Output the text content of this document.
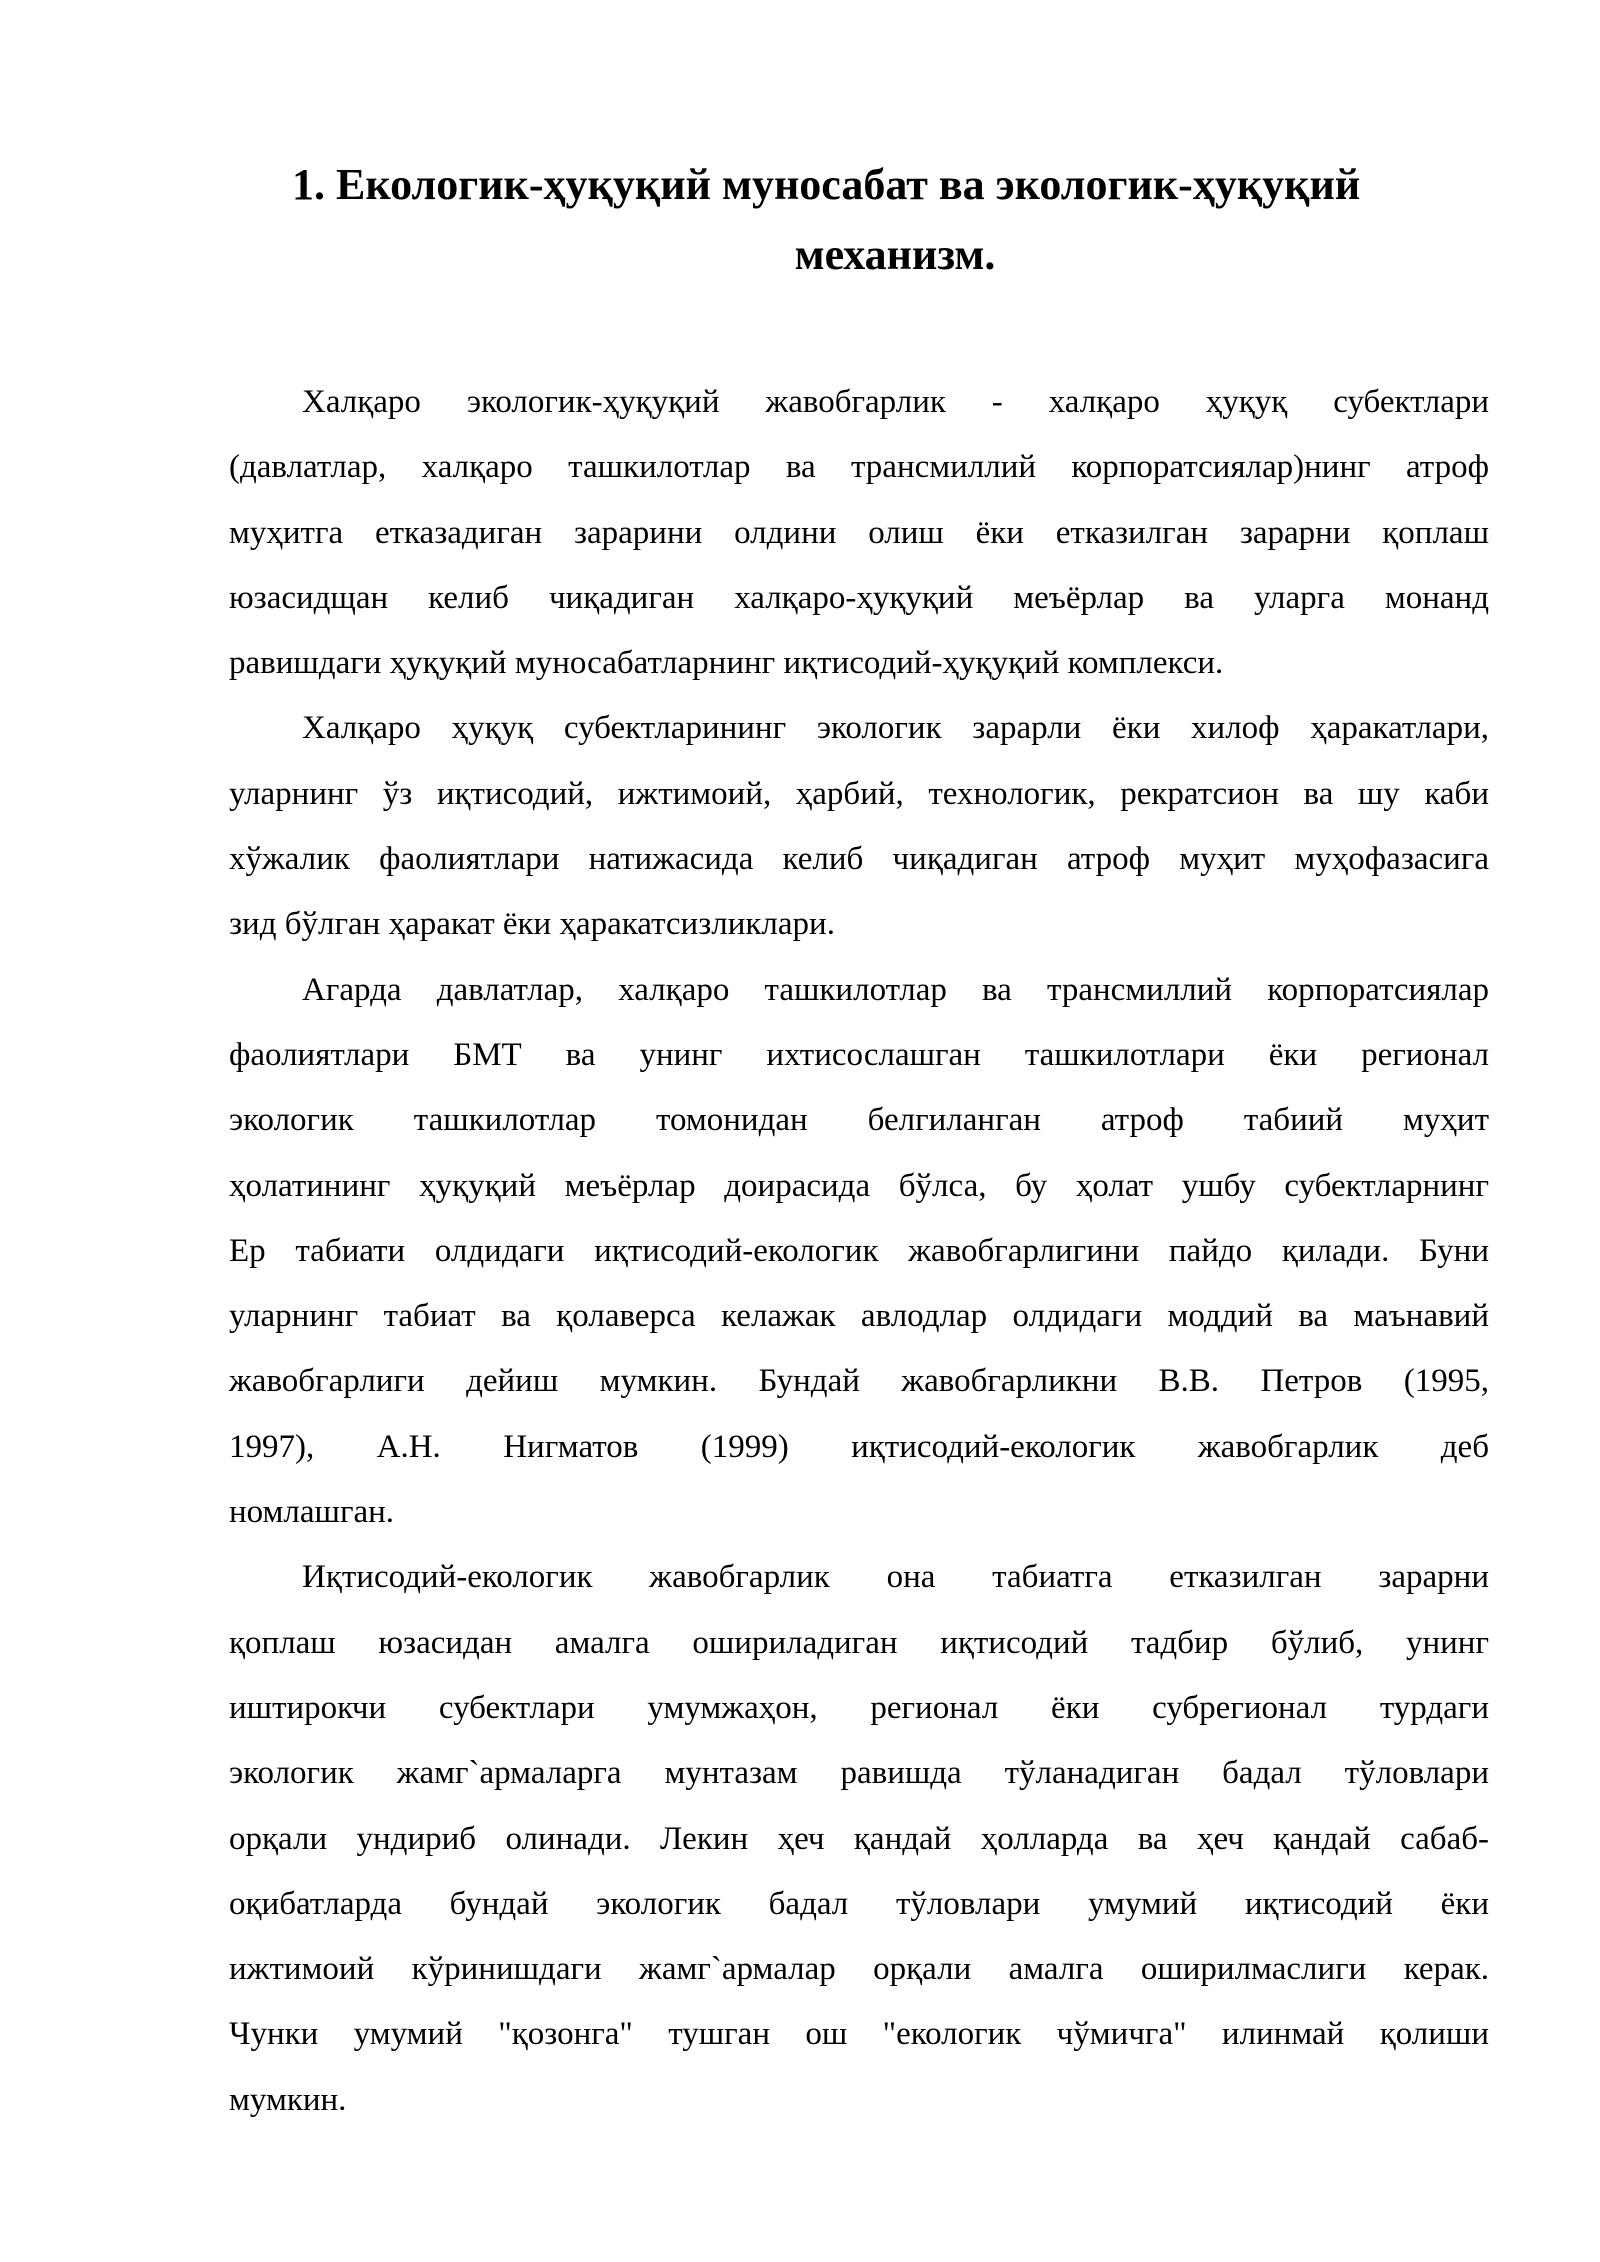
1. Екологик-ҳуқуқий муносабат ва экологик-ҳуқуқий
механизм.
Халқаро экологик-ҳуқуқий жавобгарлик - халқаро ҳуқуқ субектлари
(давлатлар, халқаро ташкилотлар ва трансмиллий корпоратсиялар)нинг атроф
муҳитга етказадиган зарарини олдини олиш ёки етказилган зарарни қоплаш
юзасидщан келиб чиқадиган халқаро-ҳуқуқий меъёрлар ва уларга монанд
равишдаги ҳуқуқий муносабатларнинг иқтисодий-ҳуқуқий комплекси.
Халқаро ҳуқуқ субектларининг экологик зарарли ёки хилоф ҳаракатлари,
уларнинг ўз иқтисодий, ижтимоий, ҳарбий, технологик, рекратсион ва шу каби
хўжалик фаолиятлари натижасида келиб чиқадиган атроф муҳит муҳофазасига
зид бўлган ҳаракат ёки ҳаракатсизликлари.
Агарда давлатлар, халқаро ташкилотлар ва трансмиллий корпоратсиялар
фаолиятлари БМТ ва унинг ихтисослашган ташкилотлари ёки регионал
экологик ташкилотлар томонидан белгиланган атроф табиий муҳит
ҳолатининг ҳуқуқий меъёрлар доирасида бўлса, бу ҳолат ушбу субектларнинг
Ер табиати олдидаги иқтисодий-екологик жавобгарлигини пайдо қилади. Буни
уларнинг табиат ва қолаверса келажак авлодлар олдидаги моддий ва маънавий
жавобгарлиги дейиш мумкин. Бундай жавобгарликни В.В. Петров (1995,
1997), А.Н. Нигматов (1999) иқтисодий-екологик жавобгарлик деб
номлашган.
Иқтисодий-екологик жавобгарлик она табиатга етказилган зарарни
қоплаш юзасидан амалга ошириладиган иқтисодий тадбир бўлиб, унинг
иштирокчи субектлари умумжаҳон, регионал ёки субрегионал турдаги
экологик жамг`армаларга мунтазам равишда тўланадиган бадал тўловлари
орқали ундириб олинади. Лекин ҳеч қандай ҳолларда ва ҳеч қандай сабаб-
оқибатларда бундай экологик бадал тўловлари умумий иқтисодий ёки
ижтимоий кўринишдаги жамг`армалар орқали амалга оширилмаслиги керак.
Чунки умумий "қозонга" тушган ош "екологик чўмичга" илинмай қолиши
мумкин.
